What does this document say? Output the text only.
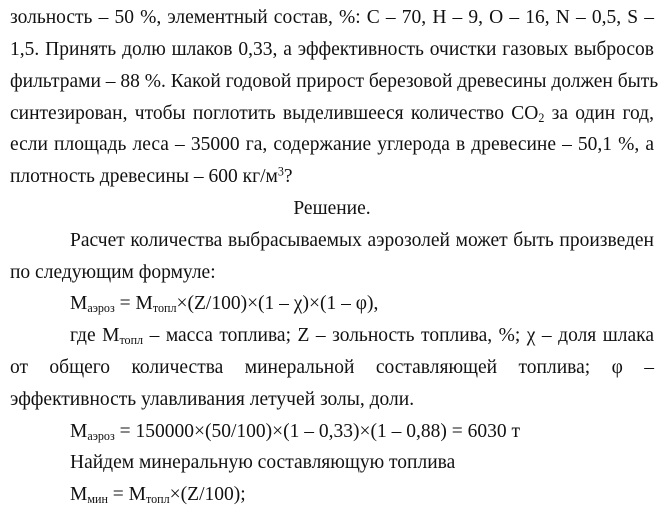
зольность – 50 %, элементный состав, %: С – 70, Н – 9, О – 16, N – 0,5, S –
1,5. Принять долю шлаков 0,33, а эффективность очистки газовых выбросов
фильтрами – 88 %. Какой годовой прирост березовой древесины должен быть
синтезирован, чтобы поглотить выделившееся количество $СО_2$ за один год,
если площадь леса – 35000 га, содержание углерода в древесине – 50,1 %, а
плотность древесины – 600 $кг/м^3$?
Решение.
Расчет количества выбрасываемых аэрозолей может быть произведен
по следующим формуле:
$М_{аэроз} = М_{топл}\times(Z/100)\times(1 - \chi)\times(1 - \varphi)$,
где $М_{топл}$ – масса топлива; Z – зольность топлива, %; χ – доля шлака
от общего количества минеральной составляющей топлива; φ –
эффективность улавливания летучей золы, доли.
$М_{аэроз} = 150000\times(50/100)\times(1 - 0,33)\times(1 - 0,88) = 6030$ т
Найдем минеральную составляющую топлива
$М_{мин} = М_{топл}\times(Z/100)$;
